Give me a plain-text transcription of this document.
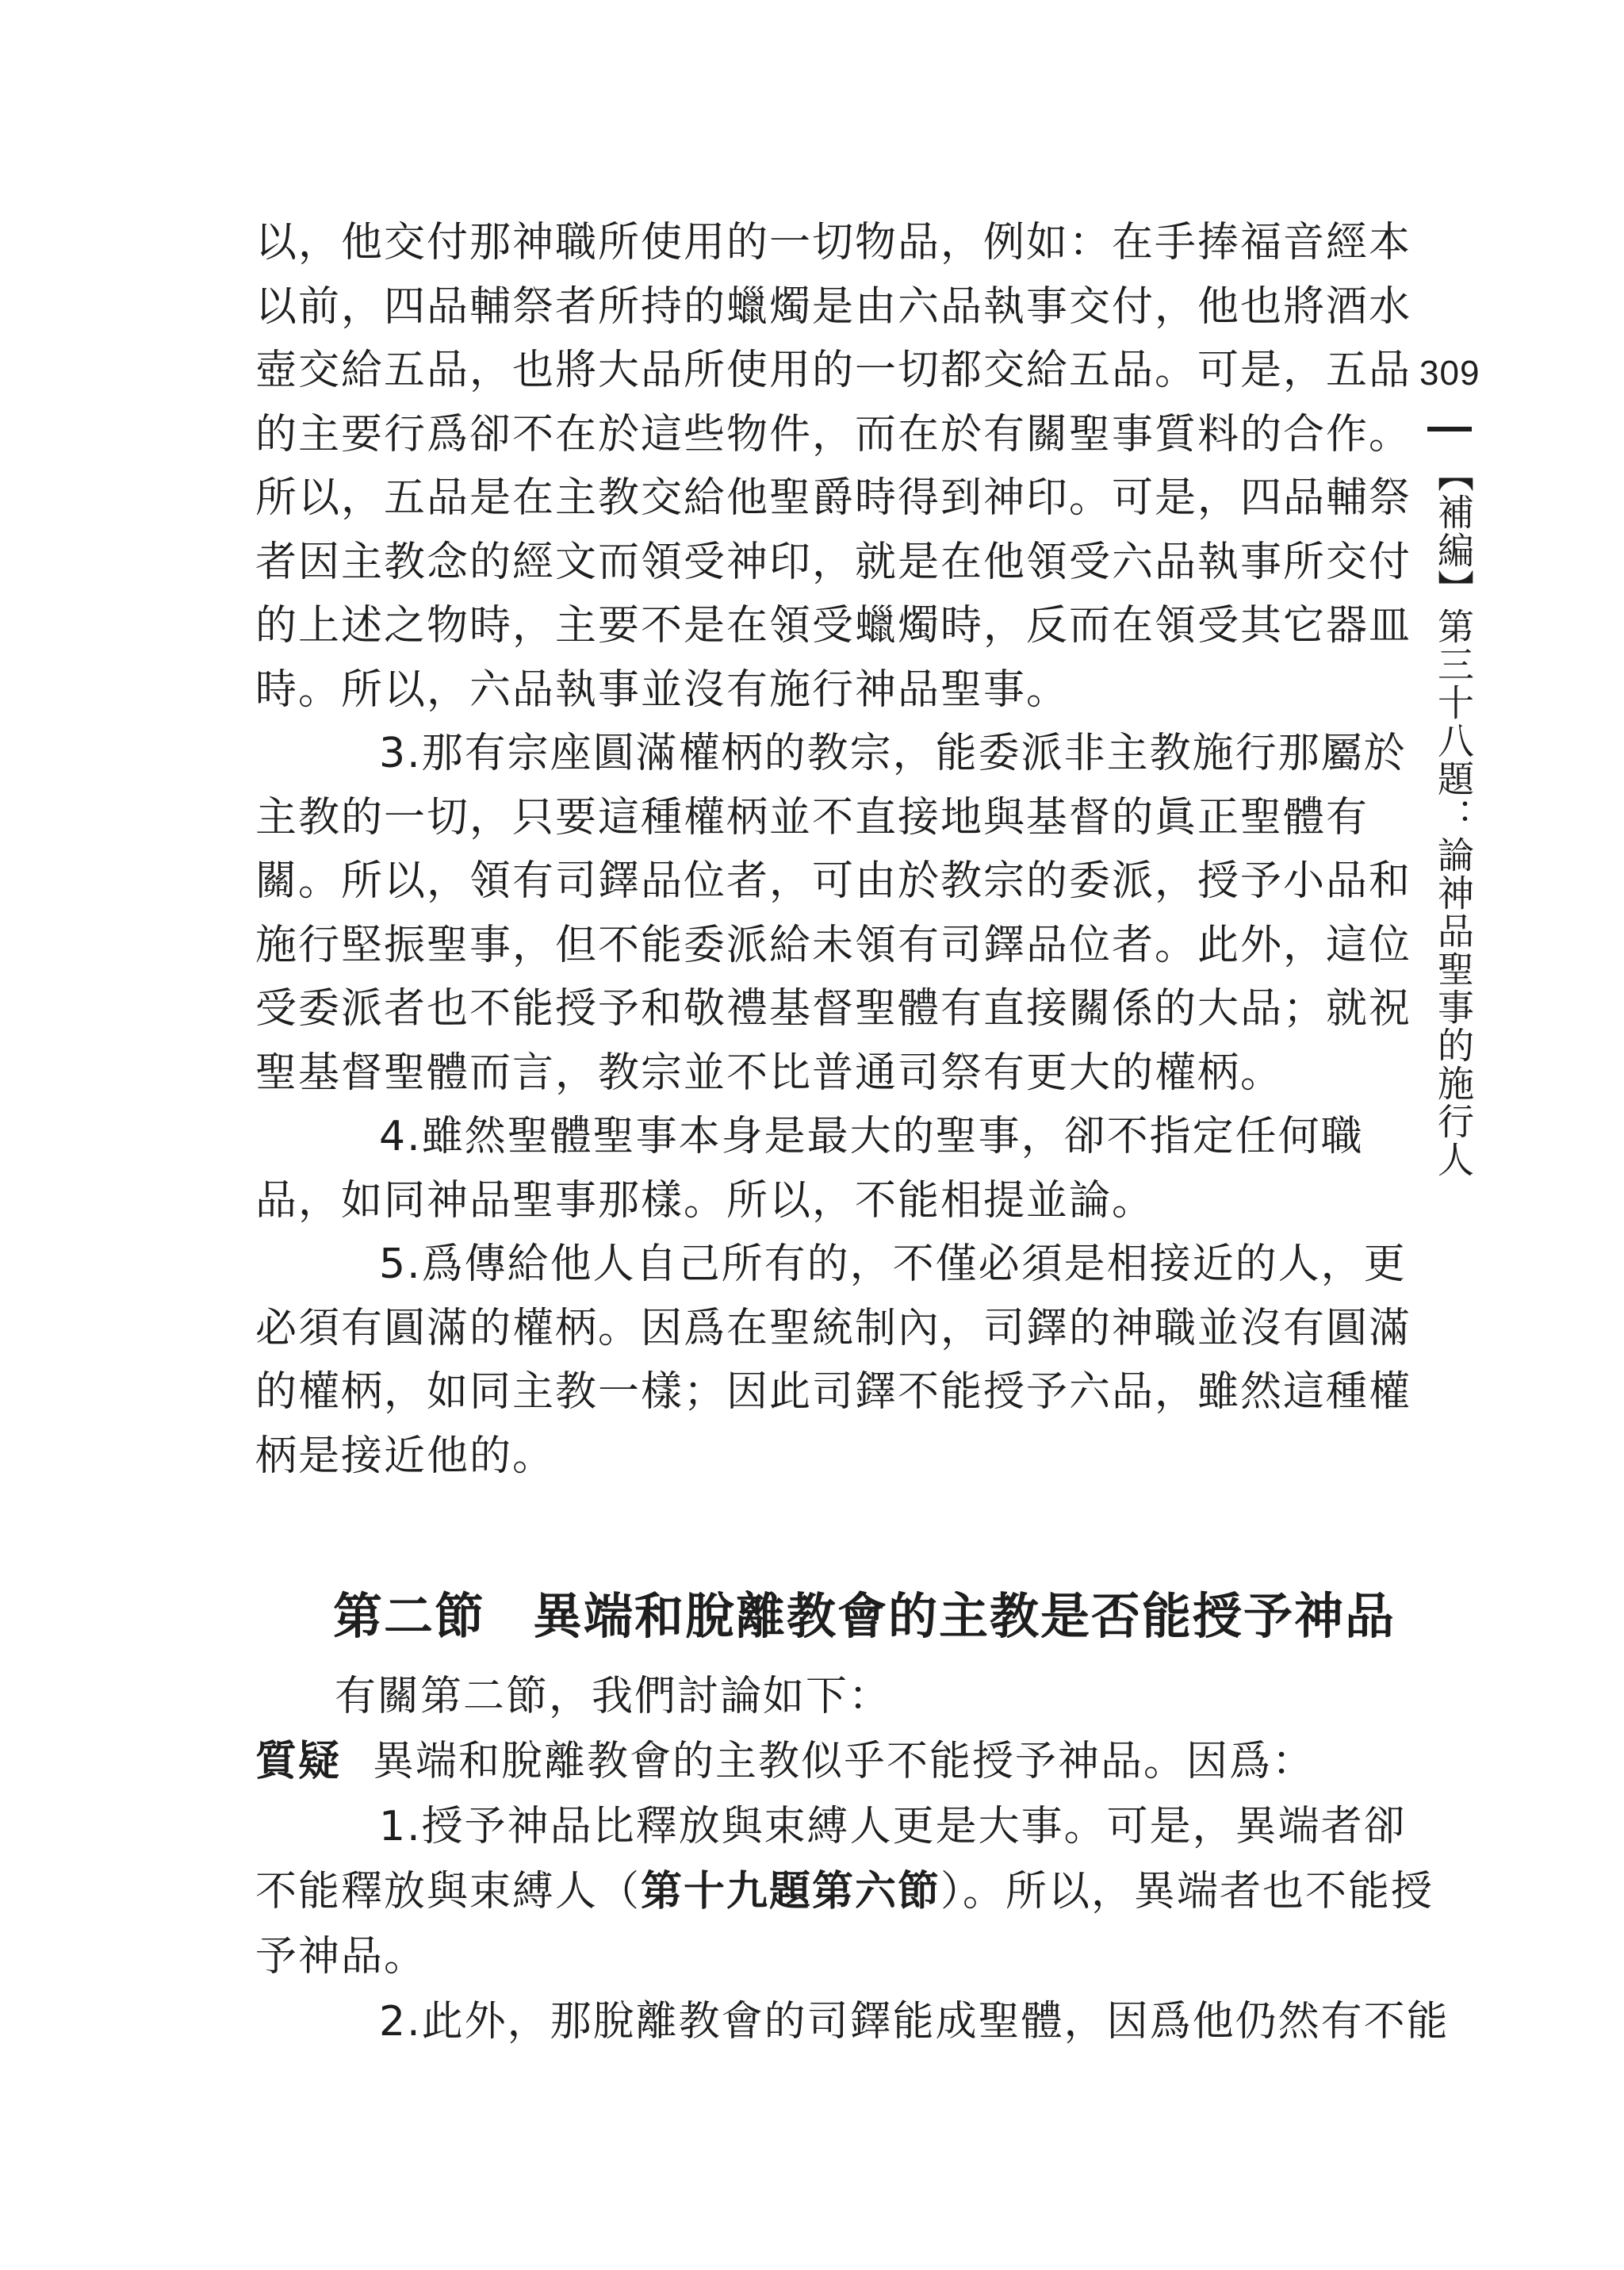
309
【補編】第三十八題：論神品聖事的施行人
以，他交付那神職所使用的一切物品，例如：在手捧福音經本
以前，四品輔祭者所持的蠟燭是由六品執事交付，他也將酒水
壺交給五品，也將大品所使用的一切都交給五品。可是，五品
的主要行爲卻不在於這些物件，而在於有關聖事質料的合作。
所以，五品是在主教交給他聖爵時得到神印。可是，四品輔祭
者因主教念的經文而領受神印，就是在他領受六品執事所交付
的上述之物時，主要不是在領受蠟燭時，反而在領受其它器皿
時。所以，六品執事並沒有施行神品聖事。
3.那有宗座圓滿權柄的教宗，能委派非主教施行那屬於
主教的一切，只要這種權柄並不直接地與基督的眞正聖體有
關。所以，領有司鐸品位者，可由於教宗的委派，授予小品和
施行堅振聖事，但不能委派給未領有司鐸品位者。此外，這位
受委派者也不能授予和敬禮基督聖體有直接關係的大品；就祝
聖基督聖體而言，教宗並不比普通司祭有更大的權柄。
4.雖然聖體聖事本身是最大的聖事，卻不指定任何職
品，如同神品聖事那樣。所以，不能相提並論。
5.爲傳給他人自己所有的，不僅必須是相接近的人，更
必須有圓滿的權柄。因爲在聖統制內，司鐸的神職並沒有圓滿
的權柄，如同主教一樣；因此司鐸不能授予六品，雖然這種權
柄是接近他的。
第二節 異端和脫離教會的主教是否能授予神品
有關第二節，我們討論如下：
質疑 異端和脫離教會的主教似乎不能授予神品。因爲：
1.授予神品比釋放與束縛人更是大事。可是，異端者卻
不能釋放與束縛人（第十九題第六節）。所以，異端者也不能授
予神品。
2.此外，那脫離教會的司鐸能成聖體，因爲他仍然有不能
